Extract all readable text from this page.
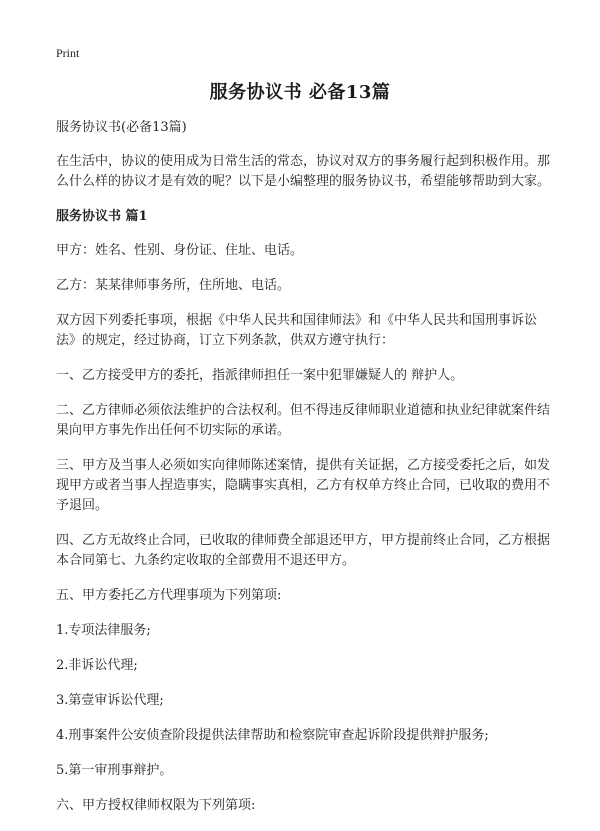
Print
服务协议书 必备13篇

服务协议书(必备13篇)

在生活中，协议的使用成为日常生活的常态，协议对双方的事务履行起到积极作用。那么什么样的协议才是有效的呢？以下是小编整理的服务协议书，希望能够帮助到大家。

服务协议书 篇1

甲方：姓名、性别、身份证、住址、电话。

乙方：某某律师事务所，住所地、电话。

双方因下列委托事项，根据《中华人民共和国律师法》和《中华人民共和国刑事诉讼法》的规定，经过协商，订立下列条款，供双方遵守执行：

一、乙方接受甲方的委托，指派律师担任一案中犯罪嫌疑人的 辩护人。

二、乙方律师必须依法维护的合法权利。但不得违反律师职业道德和执业纪律就案件结果向甲方事先作出任何不切实际的承诺。

三、甲方及当事人必须如实向律师陈述案情，提供有关证据，乙方接受委托之后，如发现甲方或者当事人捏造事实，隐瞒事实真相，乙方有权单方终止合同，已收取的费用不予退回。

四、乙方无故终止合同，已收取的律师费全部退还甲方，甲方提前终止合同，乙方根据本合同第七、九条约定收取的全部费用不退还甲方。

五、甲方委托乙方代理事项为下列第项:

1.专项法律服务;

2.非诉讼代理;

3.第壹审诉讼代理;

4.刑事案件公安侦查阶段提供法律帮助和检察院审查起诉阶段提供辩护服务;

5.第一审刑事辩护。

六、甲方授权律师权限为下列第项:
